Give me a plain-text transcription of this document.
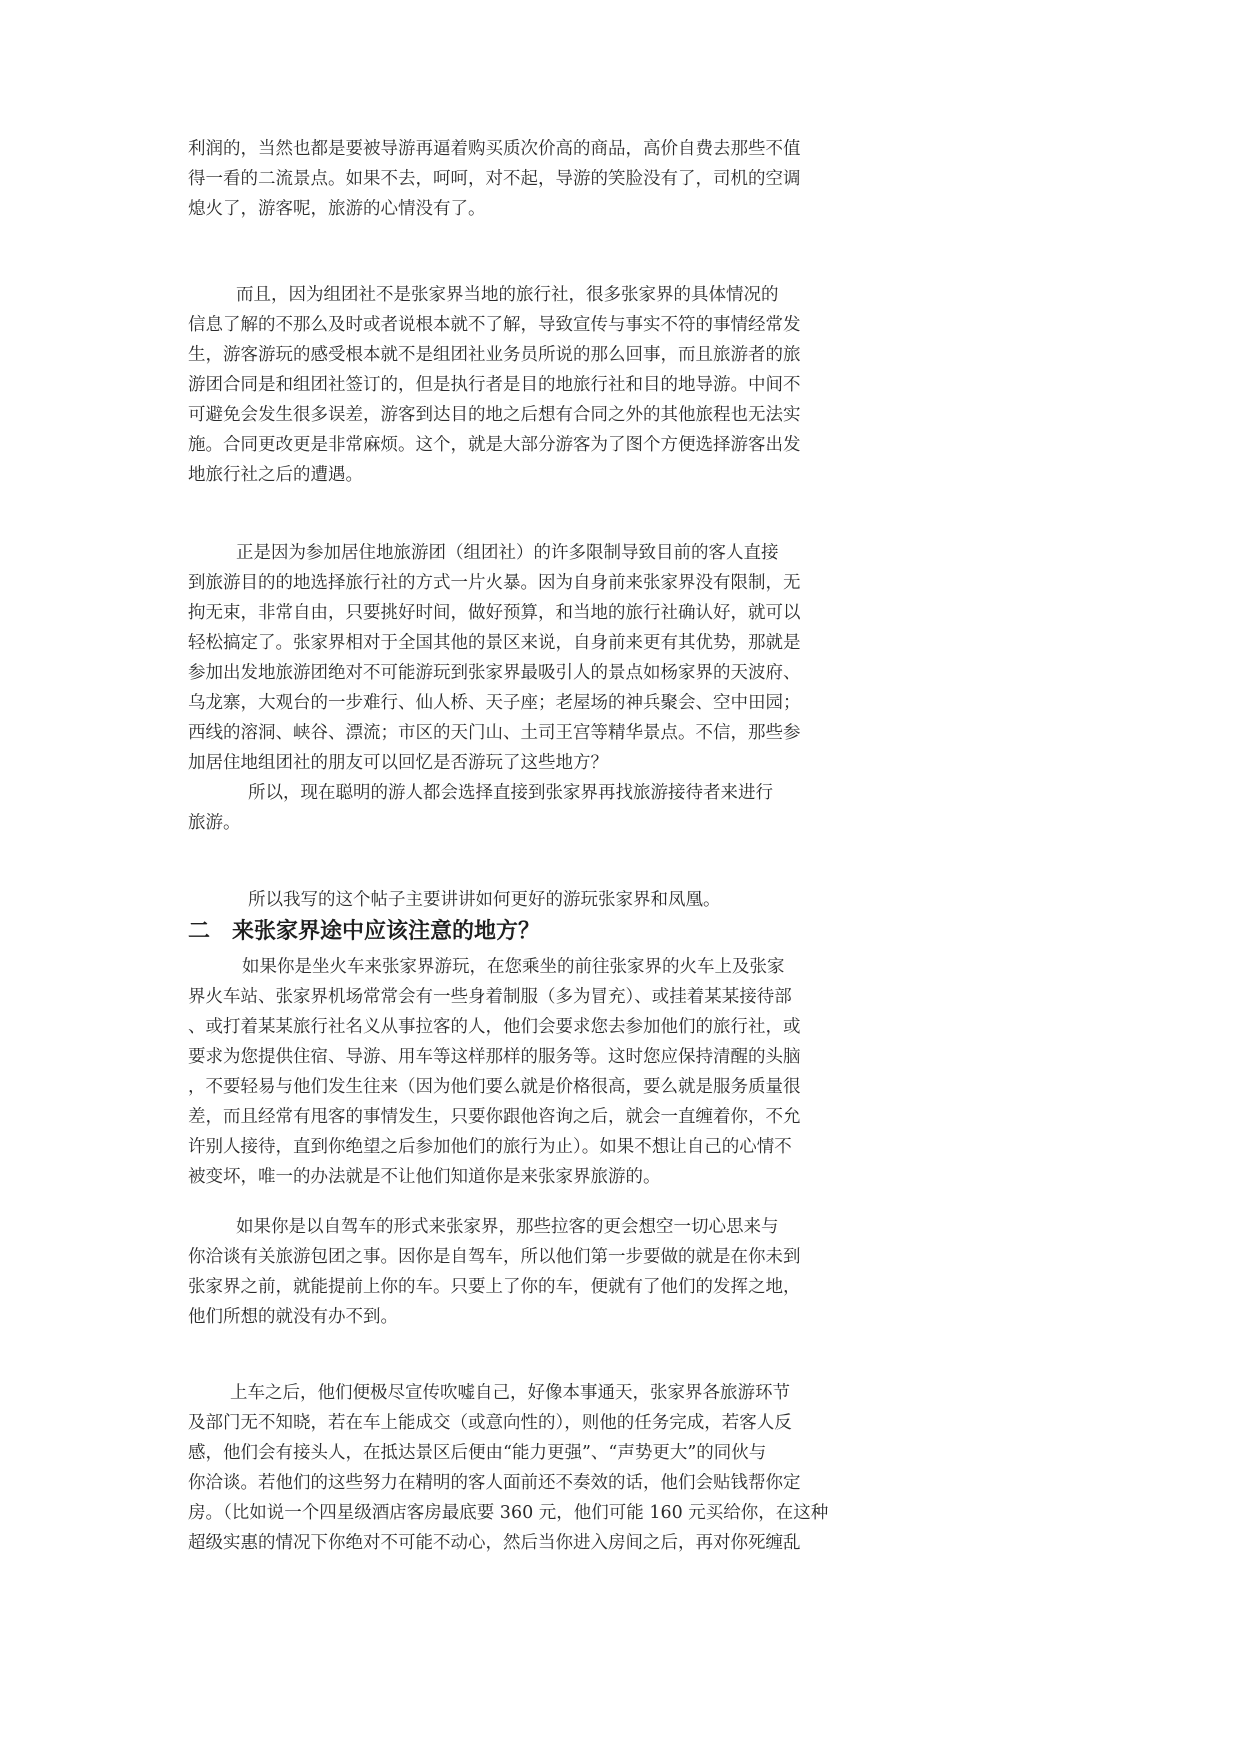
利润的，当然也都是要被导游再逼着购买质次价高的商品，高价自费去那些不值
得一看的二流景点。如果不去，呵呵，对不起，导游的笑脸没有了，司机的空调
熄火了，游客呢，旅游的心情没有了。
而且，因为组团社不是张家界当地的旅行社，很多张家界的具体情况的
信息了解的不那么及时或者说根本就不了解，导致宣传与事实不符的事情经常发
生，游客游玩的感受根本就不是组团社业务员所说的那么回事，而且旅游者的旅
游团合同是和组团社签订的，但是执行者是目的地旅行社和目的地导游。中间不
可避免会发生很多误差，游客到达目的地之后想有合同之外的其他旅程也无法实
施。合同更改更是非常麻烦。这个，就是大部分游客为了图个方便选择游客出发
地旅行社之后的遭遇。
正是因为参加居住地旅游团（组团社）的许多限制导致目前的客人直接
到旅游目的的地选择旅行社的方式一片火暴。因为自身前来张家界没有限制，无
拘无束，非常自由，只要挑好时间，做好预算，和当地的旅行社确认好，就可以
轻松搞定了。张家界相对于全国其他的景区来说，自身前来更有其优势，那就是
参加出发地旅游团绝对不可能游玩到张家界最吸引人的景点如杨家界的天波府、
乌龙寨，大观台的一步难行、仙人桥、天子座；老屋场的神兵聚会、空中田园；
西线的溶洞、峡谷、漂流；市区的天门山、土司王宫等精华景点。不信，那些参
加居住地组团社的朋友可以回忆是否游玩了这些地方？
所以，现在聪明的游人都会选择直接到张家界再找旅游接待者来进行
旅游。
所以我写的这个帖子主要讲讲如何更好的游玩张家界和凤凰。
二　来张家界途中应该注意的地方？
如果你是坐火车来张家界游玩，在您乘坐的前往张家界的火车上及张家
界火车站、张家界机场常常会有一些身着制服（多为冒充）、或挂着某某接待部
、或打着某某旅行社名义从事拉客的人，他们会要求您去参加他们的旅行社，或
要求为您提供住宿、导游、用车等这样那样的服务等。这时您应保持清醒的头脑
，不要轻易与他们发生往来（因为他们要么就是价格很高，要么就是服务质量很
差，而且经常有甩客的事情发生，只要你跟他咨询之后，就会一直缠着你，不允
许别人接待，直到你绝望之后参加他们的旅行为止）。如果不想让自己的心情不
被变坏，唯一的办法就是不让他们知道你是来张家界旅游的。
如果你是以自驾车的形式来张家界，那些拉客的更会想空一切心思来与
你洽谈有关旅游包团之事。因你是自驾车，所以他们第一步要做的就是在你未到
张家界之前，就能提前上你的车。只要上了你的车，便就有了他们的发挥之地，
他们所想的就没有办不到。
上车之后，他们便极尽宣传吹嘘自己，好像本事通天，张家界各旅游环节
及部门无不知晓，若在车上能成交（或意向性的），则他的任务完成，若客人反
感，他们会有接头人，在抵达景区后便由“能力更强”、“声势更大”的同伙与
你洽谈。若他们的这些努力在精明的客人面前还不奏效的话，他们会贴钱帮你定
房。（比如说一个四星级酒店客房最底要 360 元，他们可能 160 元买给你，在这种
超级实惠的情况下你绝对不可能不动心，然后当你进入房间之后，再对你死缠乱
